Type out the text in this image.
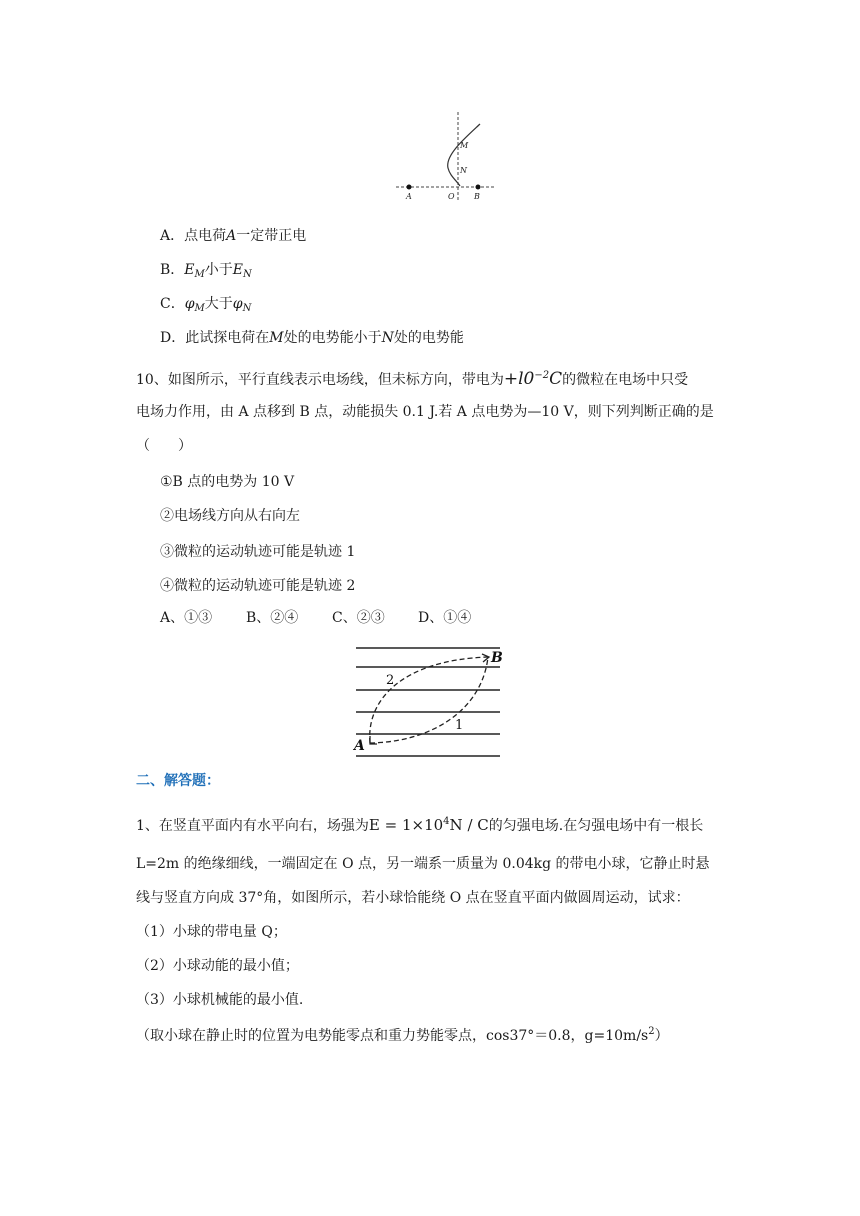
M
N
A	O B
A．点电荷A一定带正电
B．$E_M$小于$E_N$
C．$\varphi_M$大于$\varphi_N$
D．此试探电荷在M处的电势能小于N处的电势能
10、如图所示，平行直线表示电场线，但未标方向，带电为$+l0^{-2}C$的微粒在电场中只受
电场力作用，由 A 点移到 B 点，动能损失 0.1 J.若 A 点电势为—10 V，则下列判断正确的是
（　　）
①B 点的电势为 10 V
②电场线方向从右向左
③微粒的运动轨迹可能是轨迹 1
④微粒的运动轨迹可能是轨迹 2
A、①③ B、②④ C、②③ D、①④
B
2
1
A
二、解答题：
1、在竖直平面内有水平向右，场强为$E = 1\times 10^4N / C$的匀强电场.在匀强电场中有一根长
L=2m 的绝缘细线，一端固定在 O 点，另一端系一质量为 0.04kg 的带电小球，它静止时悬
线与竖直方向成 37°角，如图所示，若小球恰能绕 O 点在竖直平面内做圆周运动，试求：
（1）小球的带电量 Q；
（2）小球动能的最小值；
（3）小球机械能的最小值.
（取小球在静止时的位置为电势能零点和重力势能零点，cos37°＝0.8，$g=10m/s^2$）
